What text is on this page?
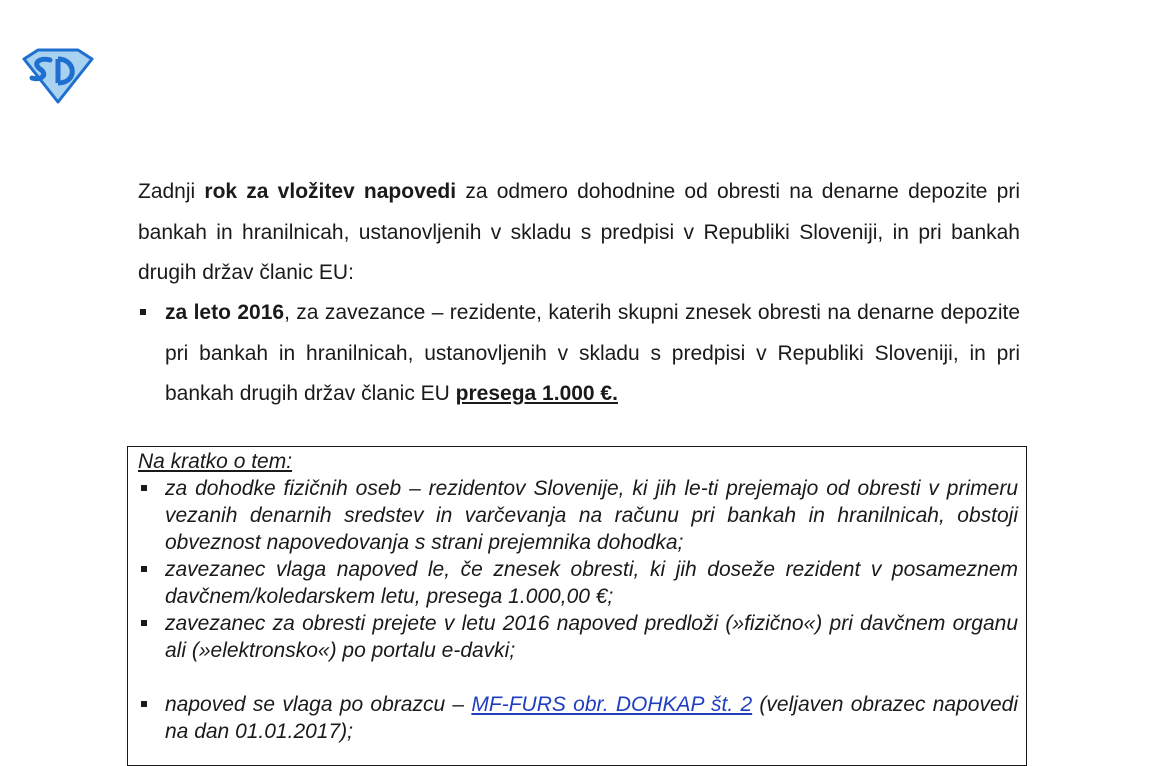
Zadnji rok za vložitev napovedi za odmero dohodnine od obresti na denarne depozite pri bankah in hranilnicah, ustanovljenih v skladu s predpisi v Republiki Sloveniji, in pri bankah drugih držav članic EU:

za leto 2016, za zavezance – rezidente, katerih skupni znesek obresti na denarne depozite pri bankah in hranilnicah, ustanovljenih v skladu s predpisi v Republiki Sloveniji, in pri bankah drugih držav članic EU presega 1.000 €.

Na kratko o tem:

za dohodke fizičnih oseb – rezidentov Slovenije, ki jih le-ti prejemajo od obresti v primeru vezanih denarnih sredstev in varčevanja na računu pri bankah in hranilnicah, obstoji obveznost napovedovanja s strani prejemnika dohodka;
zavezanec vlaga napoved le, če znesek obresti, ki jih doseže rezident v posameznem davčnem/koledarskem letu, presega 1.000,00 €;
zavezanec za obresti prejete v letu 2016 napoved predloži (»fizično«) pri davčnem organu ali (»elektronsko«) po portalu e-davki;
napoved se vlaga po obrazcu – MF-FURS obr. DOHKAP št. 2 (veljaven obrazec napovedi na dan 01.01.2017);
